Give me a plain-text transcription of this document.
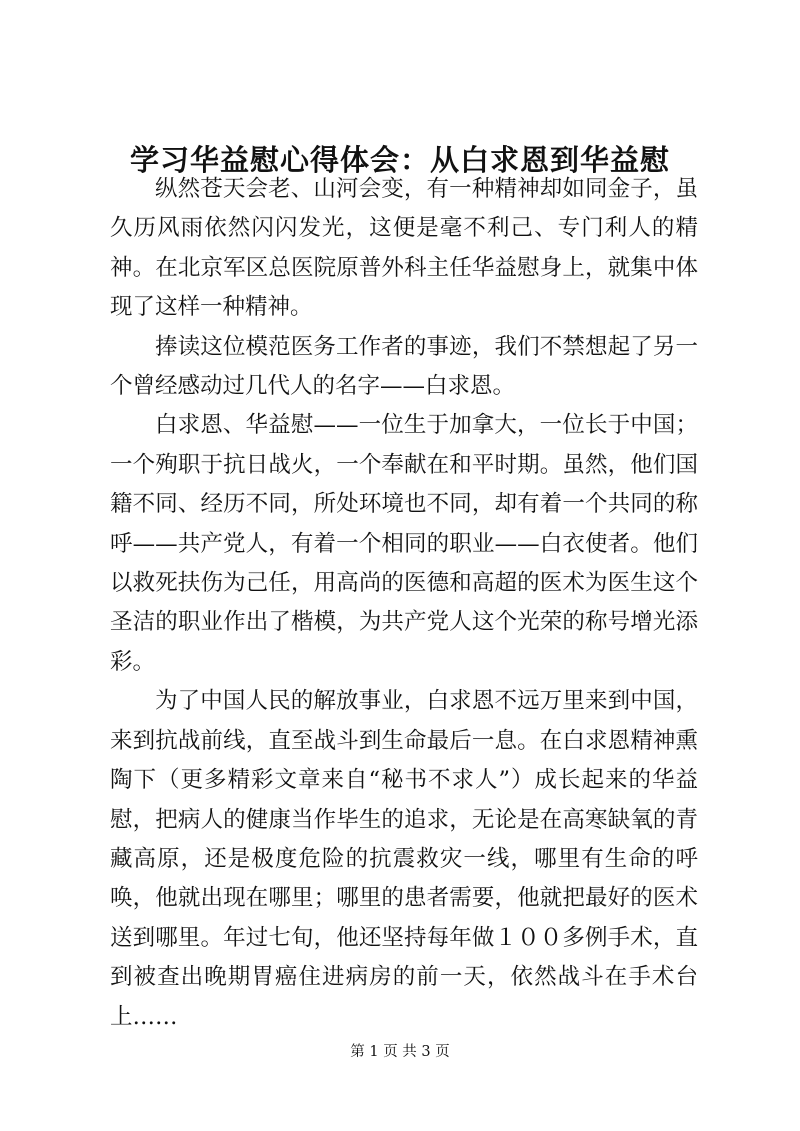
学习华益慰心得体会：从白求恩到华益慰

纵然苍天会老、山河会变，有一种精神却如同金子，虽久历风雨依然闪闪发光，这便是毫不利己、专门利人的精神。在北京军区总医院原普外科主任华益慰身上，就集中体现了这样一种精神。

捧读这位模范医务工作者的事迹，我们不禁想起了另一个曾经感动过几代人的名字——白求恩。

白求恩、华益慰——一位生于加拿大，一位长于中国；一个殉职于抗日战火，一个奉献在和平时期。虽然，他们国籍不同、经历不同，所处环境也不同，却有着一个共同的称呼——共产党人，有着一个相同的职业——白衣使者。他们以救死扶伤为己任，用高尚的医德和高超的医术为医生这个圣洁的职业作出了楷模，为共产党人这个光荣的称号增光添彩。

为了中国人民的解放事业，白求恩不远万里来到中国，来到抗战前线，直至战斗到生命最后一息。在白求恩精神熏陶下（更多精彩文章来自“秘书不求人”）成长起来的华益慰，把病人的健康当作毕生的追求，无论是在高寒缺氧的青藏高原，还是极度危险的抗震救灾一线，哪里有生命的呼唤，他就出现在哪里；哪里的患者需要，他就把最好的医术送到哪里。年过七旬，他还坚持每年做１００多例手术，直到被查出晚期胃癌住进病房的前一天，依然战斗在手术台上……

第 1 页 共 3 页
